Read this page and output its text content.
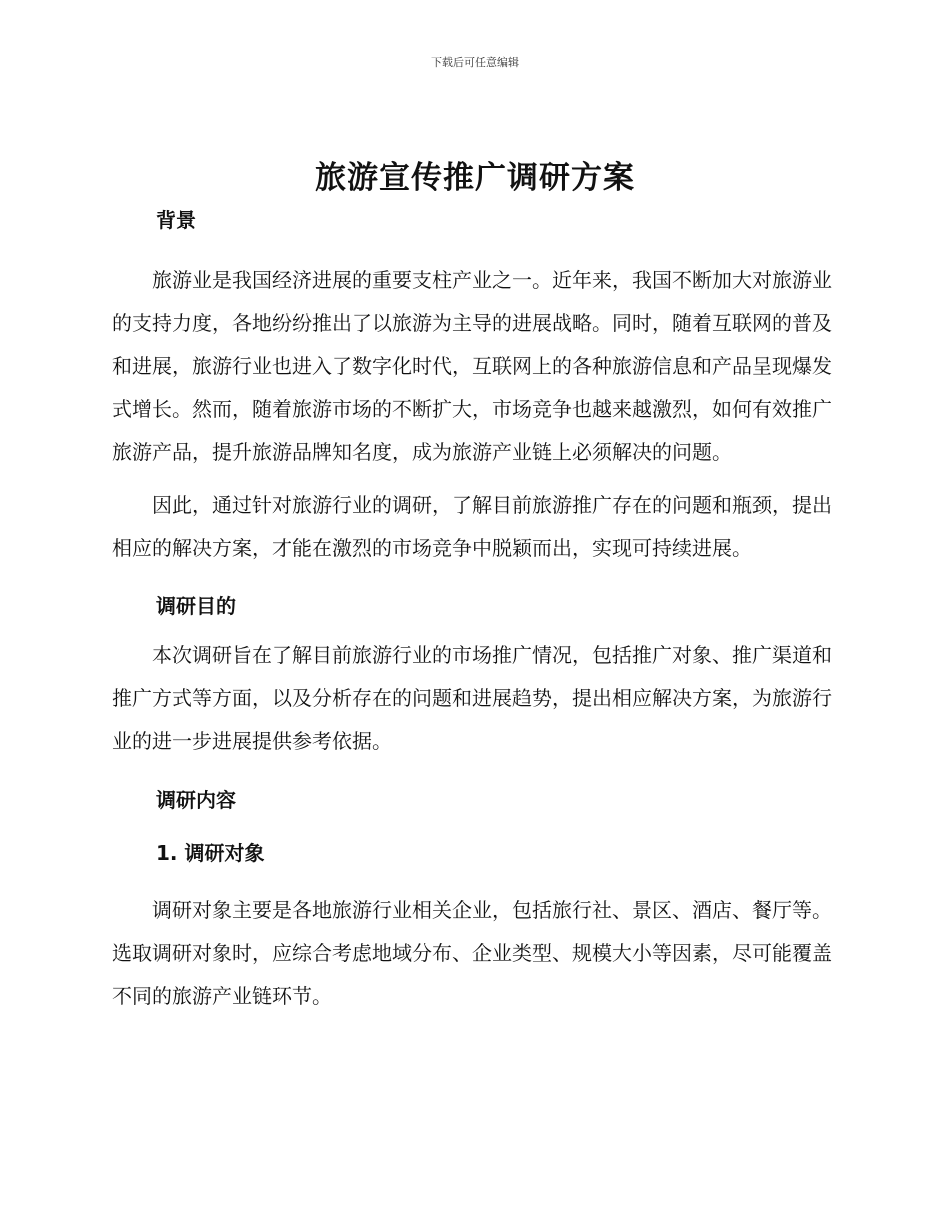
下载后可任意编辑
旅游宣传推广调研方案
背景

旅游业是我国经济进展的重要支柱产业之一。近年来，我国不断加大对旅游业的支持力度，各地纷纷推出了以旅游为主导的进展战略。同时，随着互联网的普及和进展，旅游行业也进入了数字化时代，互联网上的各种旅游信息和产品呈现爆发式增长。然而，随着旅游市场的不断扩大，市场竞争也越来越激烈，如何有效推广旅游产品，提升旅游品牌知名度，成为旅游产业链上必须解决的问题。

因此，通过针对旅游行业的调研，了解目前旅游推广存在的问题和瓶颈，提出相应的解决方案，才能在激烈的市场竞争中脱颖而出，实现可持续进展。

调研目的

本次调研旨在了解目前旅游行业的市场推广情况，包括推广对象、推广渠道和推广方式等方面，以及分析存在的问题和进展趋势，提出相应解决方案，为旅游行业的进一步进展提供参考依据。

调研内容
1. 调研对象

调研对象主要是各地旅游行业相关企业，包括旅行社、景区、酒店、餐厅等。选取调研对象时，应综合考虑地域分布、企业类型、规模大小等因素，尽可能覆盖不同的旅游产业链环节。
